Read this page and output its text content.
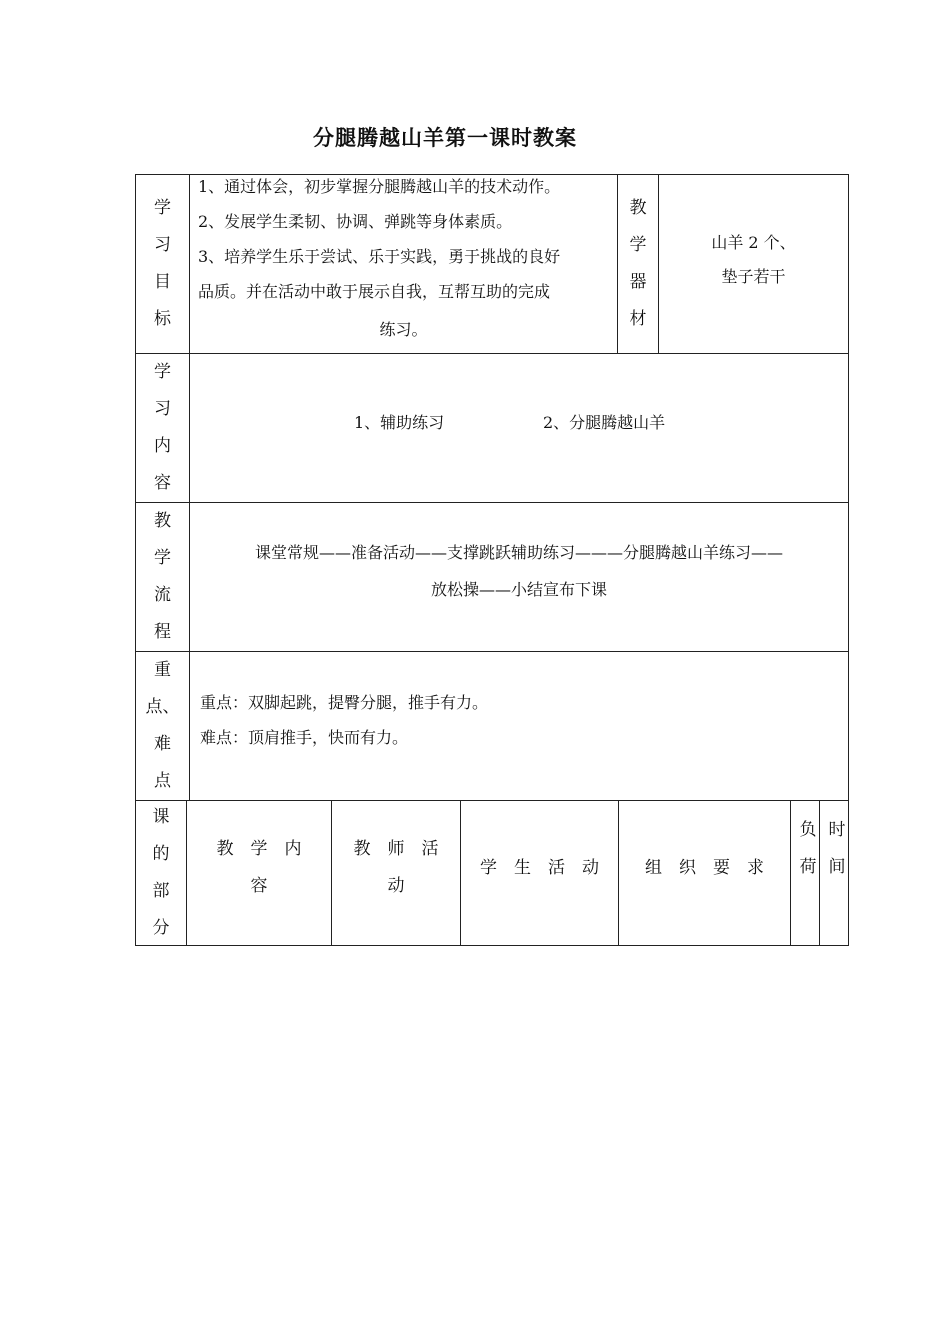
分腿腾越山羊第一课时教案
学
习
目
标
1、通过体会，初步掌握分腿腾越山羊的技术动作。
2、发展学生柔韧、协调、弹跳等身体素质。
3、培养学生乐于尝试、乐于实践，勇于挑战的良好
品质。并在活动中敢于展示自我，互帮互助的完成
练习。
教
学
器
材
山羊 2 个、
垫子若干
学
习
内
容
1、辅助练习	2、分腿腾越山羊
教
学
流
程
课堂常规——准备活动——支撑跳跃辅助练习———分腿腾越山羊练习——
放松操——小结宣布下课
重
点、
难
点
重点：双脚起跳，提臀分腿，推手有力。
难点：顶肩推手，快而有力。
课
的
部
分
教　学　内
容
教　师　活
动
学　生　活　动	组　织　要　求
负
荷
时
间
